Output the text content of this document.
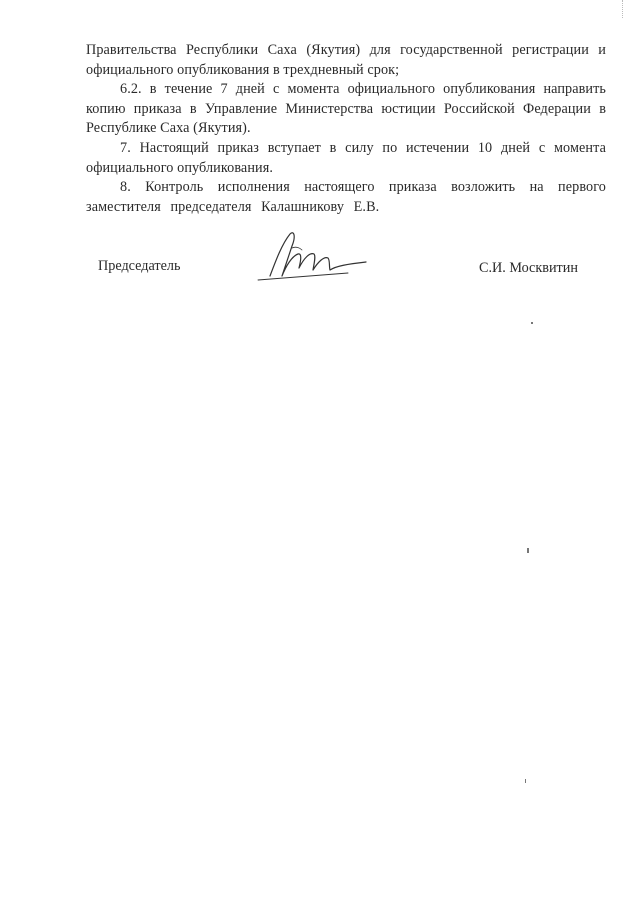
Правительства Республики Саха (Якутия) для государственной регистрации и официального опубликования в трехдневный срок;

6.2. в течение 7 дней с момента официального опубликования направить копию приказа в Управление Министерства юстиции Российской Федерации в Республике Саха (Якутия).

7. Настоящий приказ вступает в силу по истечении 10 дней с момента официального опубликования.

8. Контроль исполнения настоящего приказа возложить на первого заместителя председателя Калашникову Е.В.

Председатель	С.И. Москвитин
